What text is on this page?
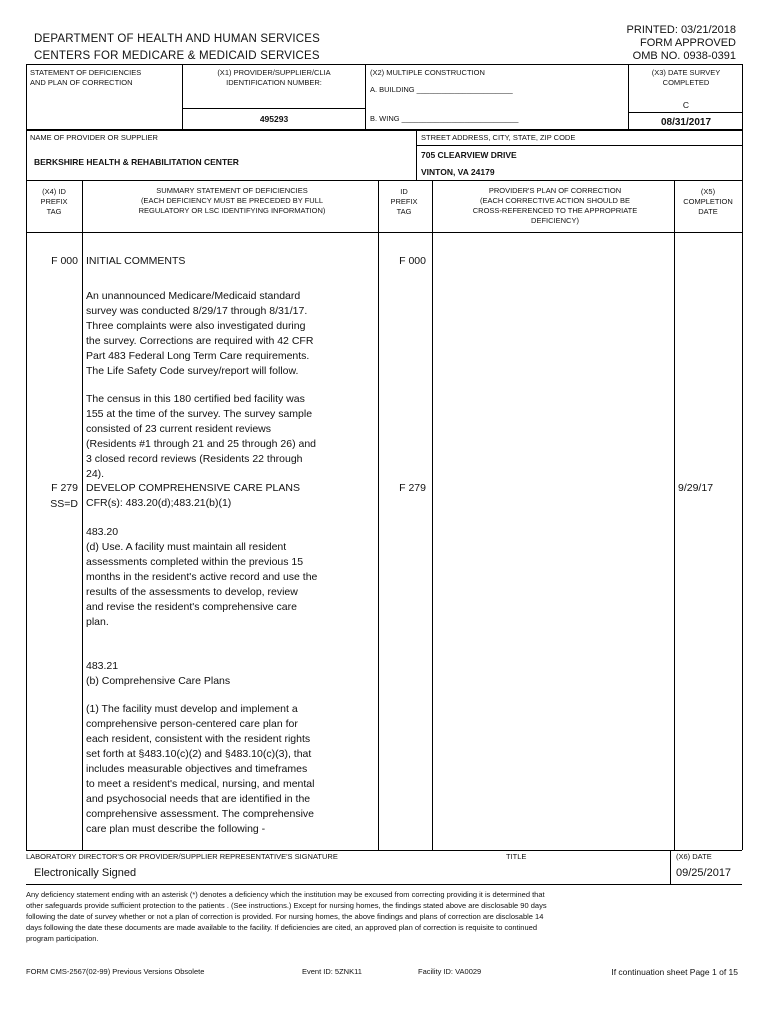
DEPARTMENT OF HEALTH AND HUMAN SERVICES
CENTERS FOR MEDICARE & MEDICAID SERVICES
PRINTED: 03/21/2018
FORM APPROVED
OMB NO. 0938-0391
STATEMENT OF DEFICIENCIES
AND PLAN OF CORRECTION
(X1) PROVIDER/SUPPLIER/CLIA
IDENTIFICATION NUMBER:
495293
(X2) MULTIPLE CONSTRUCTION
A. BUILDING _______________________
B. WING ____________________________
(X3) DATE SURVEY
COMPLETED
C
08/31/2017
NAME OF PROVIDER OR SUPPLIER
BERKSHIRE HEALTH & REHABILITATION CENTER
STREET ADDRESS, CITY, STATE, ZIP CODE
705 CLEARVIEW DRIVE
VINTON, VA 24179
(X4) ID
PREFIX
TAG
SUMMARY STATEMENT OF DEFICIENCIES
(EACH DEFICIENCY MUST BE PRECEDED BY FULL
REGULATORY OR LSC IDENTIFYING INFORMATION)
ID
PREFIX
TAG
PROVIDER'S PLAN OF CORRECTION
(EACH CORRECTIVE ACTION SHOULD BE
CROSS-REFERENCED TO THE APPROPRIATE
DEFICIENCY)
(X5)
COMPLETION
DATE
F 000 INITIAL COMMENTS	F 000
An unannounced Medicare/Medicaid standard
survey was conducted 8/29/17 through 8/31/17.
Three complaints were also investigated during
the survey. Corrections are required with 42 CFR
Part 483 Federal Long Term Care requirements.
The Life Safety Code survey/report will follow.
The census in this 180 certified bed facility was
155 at the time of the survey. The survey sample
consisted of 23 current resident reviews
(Residents #1 through 21 and 25 through 26) and
3 closed record reviews (Residents 22 through
24).
F 279
SS=D
DEVELOP COMPREHENSIVE CARE PLANS
CFR(s): 483.20(d);483.21(b)(1)
F 279	9/29/17
483.20
(d) Use. A facility must maintain all resident
assessments completed within the previous 15
months in the resident's active record and use the
results of the assessments to develop, review
and revise the resident's comprehensive care
plan.
483.21
(b) Comprehensive Care Plans
(1) The facility must develop and implement a
comprehensive person-centered care plan for
each resident, consistent with the resident rights
set forth at §483.10(c)(2) and §483.10(c)(3), that
includes measurable objectives and timeframes
to meet a resident's medical, nursing, and mental
and psychosocial needs that are identified in the
comprehensive assessment. The comprehensive
care plan must describe the following -
LABORATORY DIRECTOR'S OR PROVIDER/SUPPLIER REPRESENTATIVE'S SIGNATURE
Electronically Signed
TITLE	(X6) DATE
09/25/2017
Any deficiency statement ending with an asterisk (*) denotes a deficiency which the institution may be excused from correcting providing it is determined that
other safeguards provide sufficient protection to the patients . (See instructions.) Except for nursing homes, the findings stated above are disclosable 90 days
following the date of survey whether or not a plan of correction is provided. For nursing homes, the above findings and plans of correction are disclosable 14
days following the date these documents are made available to the facility. If deficiencies are cited, an approved plan of correction is requisite to continued
program participation.
FORM CMS-2567(02-99) Previous Versions Obsolete	Event ID: 5ZNK11	Facility ID: VA0029	If continuation sheet Page 1 of 15
